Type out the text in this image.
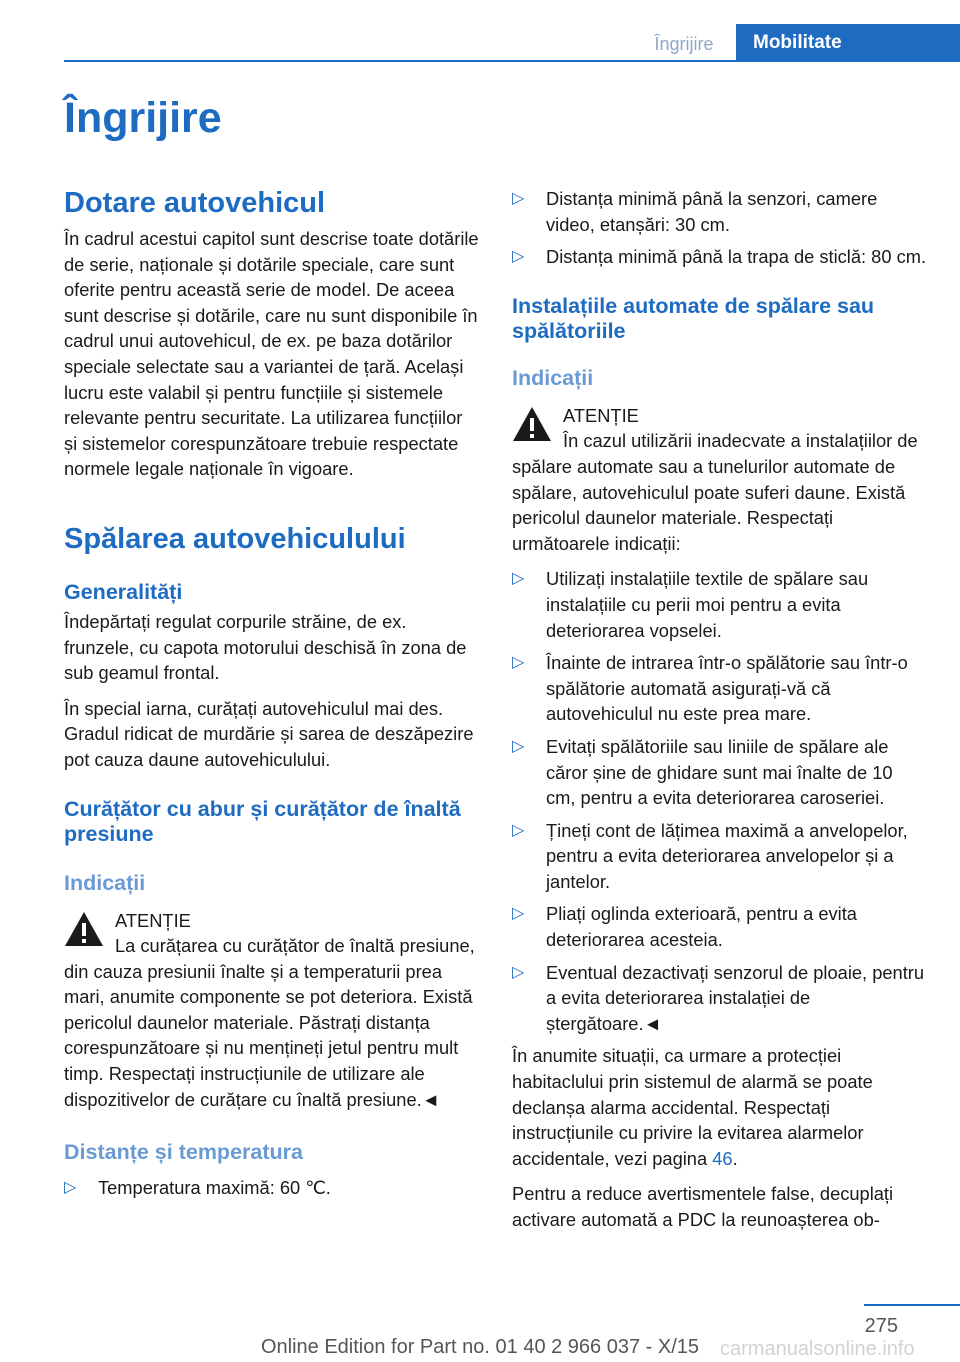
Îngrijire	Mobilitate
Îngrijire
Dotare autovehicul

În cadrul acestui capitol sunt descrise toate dotările de serie, naționale și dotările speciale, care sunt oferite pentru această serie de model. De aceea sunt descrise și dotările, care nu sunt disponibile în cadrul unui autovehicul, de ex. pe baza dotărilor speciale selectate sau a variantei de țară. Același lucru este valabil și pentru funcțiile și sistemele relevante pentru securitate. La utilizarea funcțiilor și sistemelor corespunzătoare trebuie respectate normele legale naționale în vigoare.

Spălarea autovehiculului
Generalități

Îndepărtați regulat corpurile străine, de ex. frunzele, cu capota motorului deschisă în zona de sub geamul frontal.

În special iarna, curățați autovehiculul mai des. Gradul ridicat de murdărie și sarea de deszăpezire pot cauza daune autovehiculului.

Curățător cu abur și curățător de înaltă presiune
Indicații
ATENȚIE

La curățarea cu curățător de înaltă presiune, din cauza presiunii înalte și a temperaturii prea mari, anumite componente se pot deteriora. Există pericolul daunelor materiale. Păstrați distanța corespunzătoare și nu mențineți jetul pentru mult timp. Respectați instrucțiunile de utilizare ale dispozitivelor de curățare cu înaltă presiune.◄

Distanțe și temperatura
▷ Temperatura maximă: 60 ℃.
▷ Distanța minimă până la senzori, camere video, etanșări: 30 cm.
▷ Distanța minimă până la trapa de sticlă: 80 cm.
Instalațiile automate de spălare sau spălătoriile
Indicații
ATENȚIE

În cazul utilizării inadecvate a instalațiilor de spălare automate sau a tunelurilor automate de spălare, autovehiculul poate suferi daune. Există pericolul daunelor materiale. Respectați următoarele indicații:

▷ Utilizați instalațiile textile de spălare sau instalațiile cu perii moi pentru a evita deteriorarea vopselei.
▷ Înainte de intrarea într-o spălătorie sau într-o spălătorie automată asigurați-vă că autovehiculul nu este prea mare.
▷ Evitați spălătoriile sau liniile de spălare ale căror șine de ghidare sunt mai înalte de 10 cm, pentru a evita deteriorarea caroseriei.
▷ Țineți cont de lățimea maximă a anvelopelor, pentru a evita deteriorarea anvelopelor și a jantelor.
▷ Pliați oglinda exterioară, pentru a evita deteriorarea acesteia.
▷ Eventual dezactivați senzorul de ploaie, pentru a evita deteriorarea instalației de ștergătoare.◄

În anumite situații, ca urmare a protecției habitaclului prin sistemul de alarmă se poate declanșa alarma accidental. Respectați instrucțiunile cu privire la evitarea alarmelor accidentale, vezi pagina 46.

Pentru a reduce avertismentele false, decuplați activare automată a PDC la reunoașterea ob-

275
Online Edition for Part no. 01 40 2 966 037 - X/15 carmanualsonline.info
